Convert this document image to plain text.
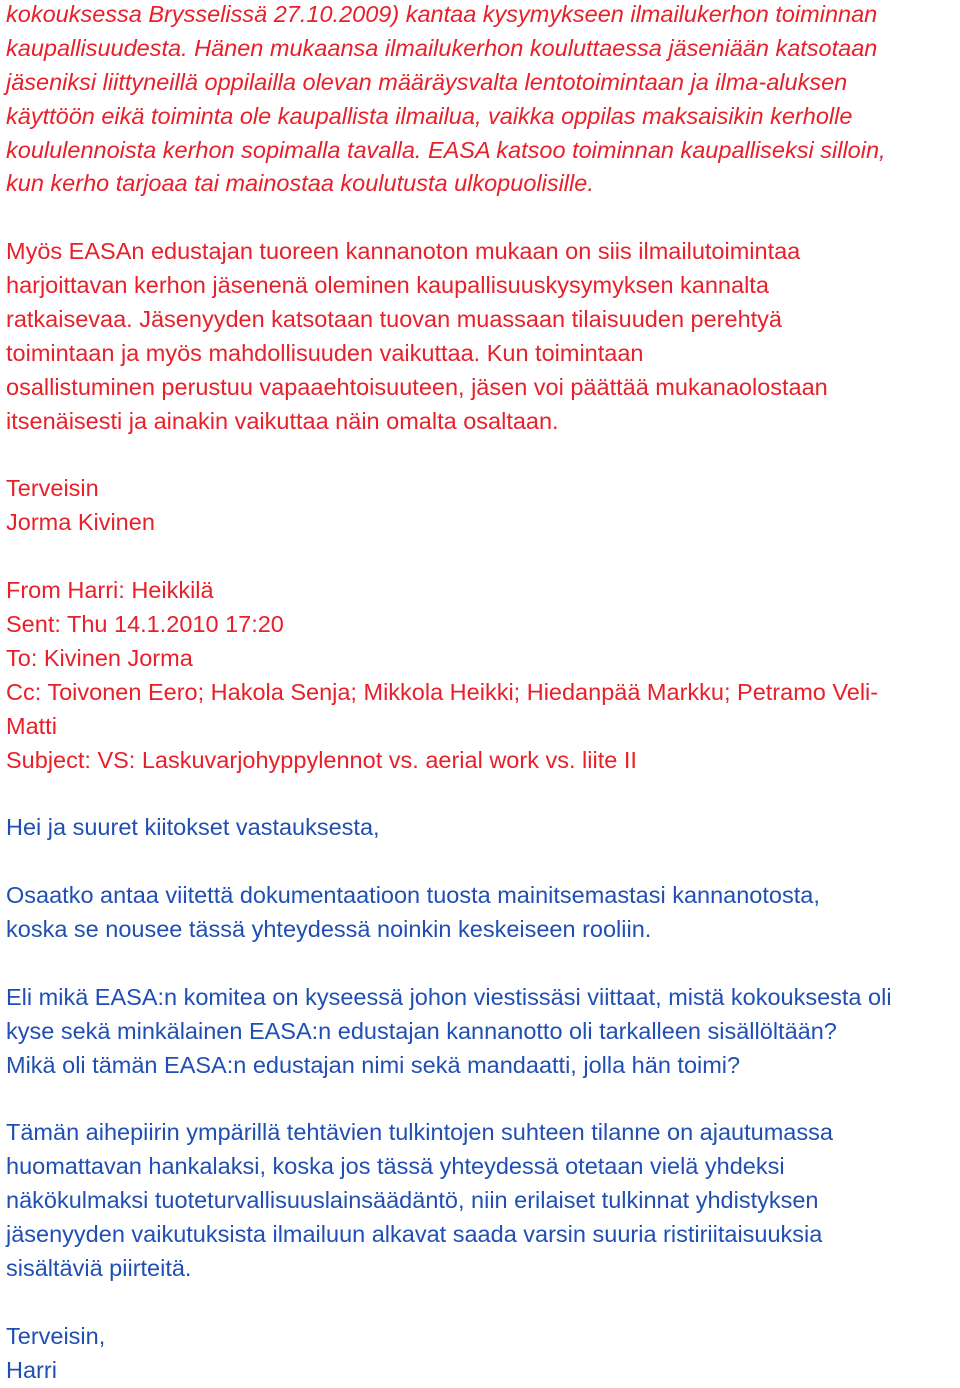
kokouksessa Brysselissä 27.10.2009) kantaa kysymykseen ilmailukerhon toiminnan
kaupallisuudesta. Hänen mukaansa ilmailukerhon kouluttaessa jäseniään katsotaan
jäseniksi liittyneillä oppilailla olevan määräysvalta lentotoimintaan ja ilma-aluksen
käyttöön eikä toiminta ole kaupallista ilmailua, vaikka oppilas maksaisikin kerholle
koululennoista kerhon sopimalla tavalla. EASA katsoo toiminnan kaupalliseksi silloin,
kun kerho tarjoaa tai mainostaa koulutusta ulkopuolisille.
Myös EASAn edustajan tuoreen kannanoton mukaan on siis ilmailutoimintaa
harjoittavan kerhon jäsenenä oleminen kaupallisuuskysymyksen kannalta
ratkaisevaa. Jäsenyyden katsotaan tuovan muassaan tilaisuuden perehtyä
toimintaan ja myös mahdollisuuden vaikuttaa. Kun toimintaan
osallistuminen perustuu vapaaehtoisuuteen, jäsen voi päättää mukanaolostaan
itsenäisesti ja ainakin vaikuttaa näin omalta osaltaan.
Terveisin
Jorma Kivinen
From Harri: Heikkilä
Sent: Thu 14.1.2010 17:20
To: Kivinen Jorma
Cc: Toivonen Eero; Hakola Senja; Mikkola Heikki; Hiedanpää Markku; Petramo Veli-
Matti
Subject: VS: Laskuvarjohyppylennot vs. aerial work vs. liite II
Hei ja suuret kiitokset vastauksesta,
Osaatko antaa viitettä dokumentaatioon tuosta mainitsemastasi kannanotosta,
koska se nousee tässä yhteydessä noinkin keskeiseen rooliin.
Eli mikä EASA:n komitea on kyseessä johon viestissäsi viittaat, mistä kokouksesta oli
kyse sekä minkälainen EASA:n edustajan kannanotto oli tarkalleen sisällöltään?
Mikä oli tämän EASA:n edustajan nimi sekä mandaatti, jolla hän toimi?
Tämän aihepiirin ympärillä tehtävien tulkintojen suhteen tilanne on ajautumassa
huomattavan hankalaksi, koska jos tässä yhteydessä otetaan vielä yhdeksi
näkökulmaksi tuoteturvallisuuslainsäädäntö, niin erilaiset tulkinnat yhdistyksen
jäsenyyden vaikutuksista ilmailuun alkavat saada varsin suuria ristiriitaisuuksia
sisältäviä piirteitä.
Terveisin,
Harri
